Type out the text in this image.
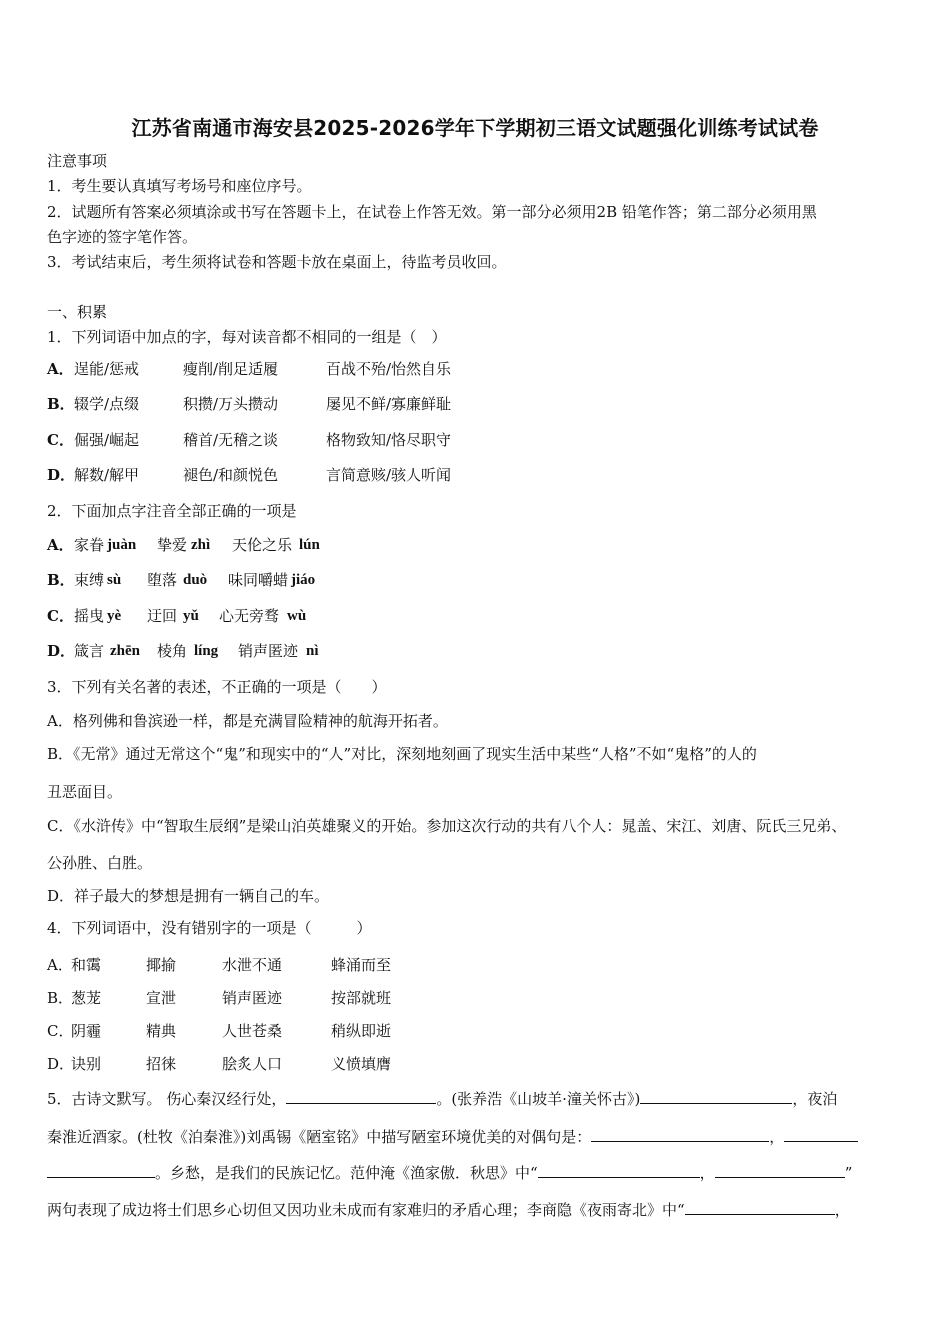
江苏省南通市海安县2025-2026学年下学期初三语文试题强化训练考试试卷
注意事项
1．考生要认真填写考场号和座位序号。
2．试题所有答案必须填涂或书写在答题卡上，在试卷上作答无效。第一部分必须用2B 铅笔作答；第二部分必须用黑
色字迹的签字笔作答。
3．考试结束后，考生须将试卷和答题卡放在桌面上，待监考员收回。
一、积累
1．下列词语中加点的字，每对读音都不相同的一组是（　）
A． 逞能/惩戒	瘦削/削足适履	百战不殆/怡然自乐
B． 辍学/点缀	积攒/万头攒动	屡见不鲜/寡廉鲜耻
C． 倔强/崛起	稽首/无稽之谈	格物致知/恪尽职守
D．
解数/解甲	褪色/和颜悦色	言简意赅/骇人听闻
2．下面加点字注音全部正确的一项是
A． 家眷 juàn 挚爱 zhì 天伦之乐 lún
B． 束缚 sù 堕落 duò 味同嚼蜡 jiáo
C． 摇曳 yè 迂回 yǔ 心无旁骛 wù
D．
箴言 zhēn 棱角 líng 销声匿迹 nì
3．下列有关名著的表述，不正确的一项是（　　）
A．格列佛和鲁滨逊一样，都是充满冒险精神的航海开拓者。
B．《无常》通过无常这个“鬼”和现实中的“人”对比，深刻地刻画了现实生活中某些“人格”不如“鬼格”的人的
丑恶面目。
C．《水浒传》中“智取生辰纲”是梁山泊英雄聚义的开始。参加这次行动的共有八个人：晁盖、宋江、刘唐、阮氏三兄弟、
公孙胜、白胜。
D．祥子最大的梦想是拥有一辆自己的车。
4．下列词语中，没有错别字的一项是（　　　）
A．
和霭	揶揄	水泄不通	蜂涌而至
B．
葱茏	宣泄	销声匿迹	按部就班
C．
阴霾	精典	人世苍桑	稍纵即逝
D．
诀别	招徕	脍炙人口	义愤填膺
5．古诗文默写。 伤心秦汉经行处，	。(张养浩《山坡羊·潼关怀古》)	，夜泊
秦淮近酒家。(杜牧《泊秦淮》)刘禹锡《陋室铭》中描写陋室环境优美的对偶句是：	，
。乡愁，是我们的民族记忆。范仲淹《渔家傲．秋思》中“	，	”
两句表现了成边将士们思乡心切但又因功业未成而有家难归的矛盾心理；李商隐《夜雨寄北》中“	，
